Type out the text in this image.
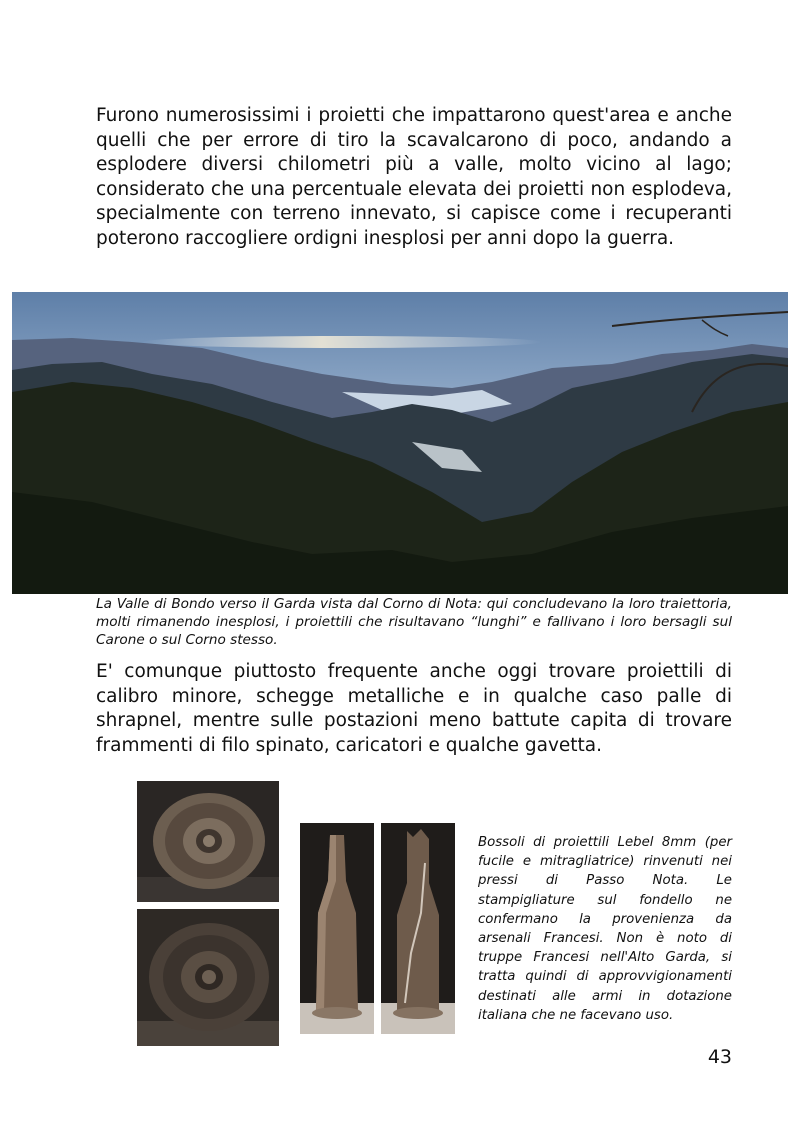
Furono numerosissimi i proietti che impattarono quest'area e anche quelli che per errore di tiro la scavalcarono di poco, andando a esplodere diversi chilometri più a valle, molto vicino al lago; considerato che una percentuale elevata dei proietti non esplodeva, specialmente con terreno innevato, si capisce come i recuperanti poterono raccogliere ordigni inesplosi per anni dopo la guerra.

La Valle di Bondo verso il Garda vista dal Corno di Nota: qui concludevano la loro traiettoria, molti rimanendo inesplosi, i proiettili che risultavano “lunghi” e fallivano i loro bersagli sul Carone o sul Corno stesso.

E' comunque piuttosto frequente anche oggi trovare proiettili di calibro minore, schegge metalliche e in qualche caso palle di shrapnel, mentre sulle postazioni meno battute capita di trovare frammenti di filo spinato, caricatori e qualche gavetta.

Bossoli di proiettili Lebel 8mm (per fucile e mitragliatrice) rinvenuti nei pressi di Passo Nota. Le stampigliature sul fondello ne confermano la provenienza da arsenali Francesi. Non è noto di truppe Francesi nell'Alto Garda, si tratta quindi di approvvigionamenti destinati alle armi in dotazione italiana che ne facevano uso.

43
